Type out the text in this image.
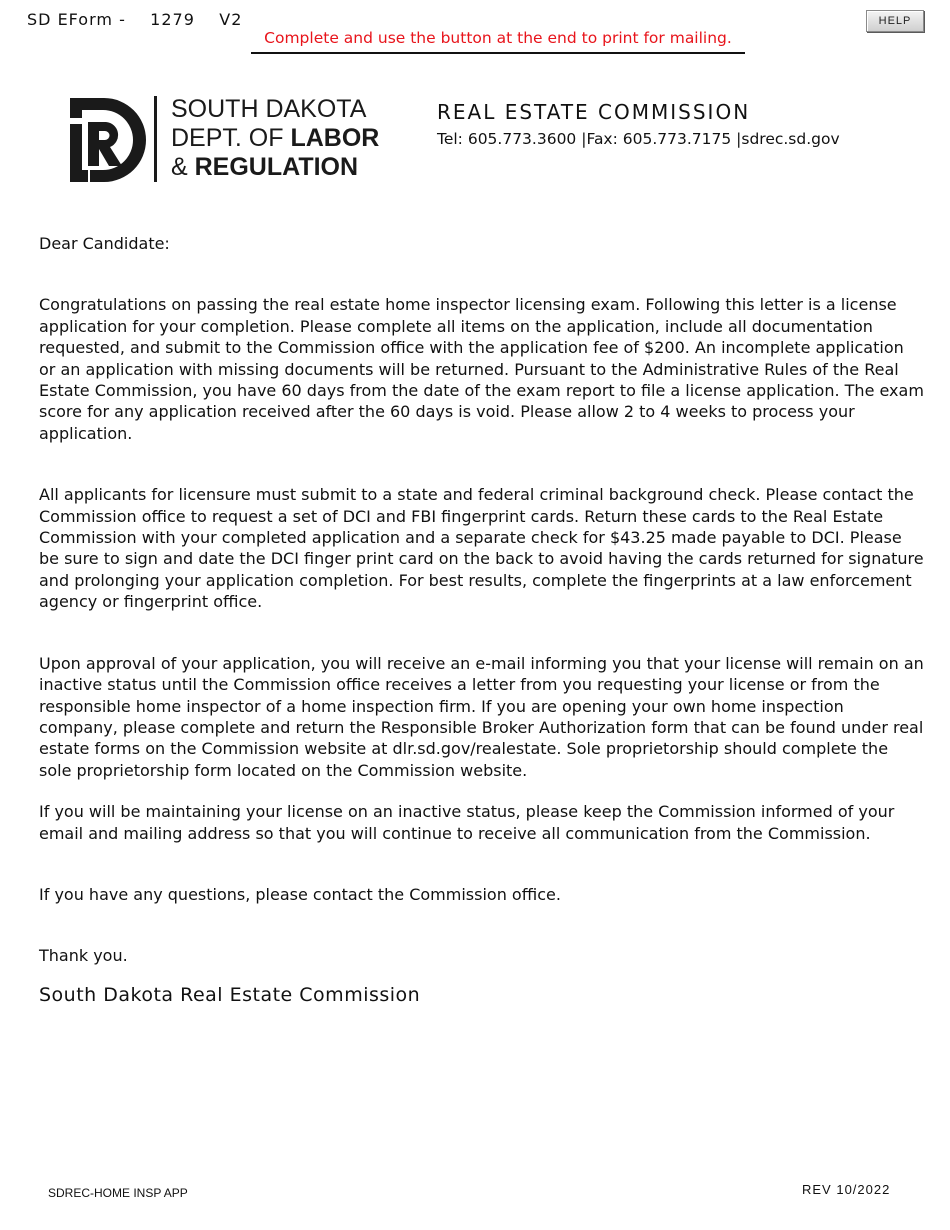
SD EForm -    1279    V2
Complete and use the button at the end to print for mailing.
HELP
SOUTH DAKOTA
DEPT. OF LABOR
& REGULATION
REAL ESTATE COMMISSION
Tel: 605.773.3600 |Fax: 605.773.7175 |sdrec.sd.gov

Dear Candidate:

Congratulations on passing the real estate home inspector licensing exam. Following this letter is a license application for your completion. Please complete all items on the application, include all documentation requested, and submit to the Commission office with the application fee of $200. An incomplete application or an application with missing documents will be returned. Pursuant to the Administrative Rules of the Real Estate Commission, you have 60 days from the date of the exam report to file a license application. The exam score for any application received after the 60 days is void. Please allow 2 to 4 weeks to process your application.

All applicants for licensure must submit to a state and federal criminal background check. Please contact the Commission office to request a set of DCI and FBI fingerprint cards. Return these cards to the Real Estate Commission with your completed application and a separate check for $43.25 made payable to DCI. Please be sure to sign and date the DCI finger print card on the back to avoid having the cards returned for signature and prolonging your application completion. For best results, complete the fingerprints at a law enforcement agency or fingerprint office.

Upon approval of your application, you will receive an e-mail informing you that your license will remain on an inactive status until the Commission office receives a letter from you requesting your license or from the responsible home inspector of a home inspection firm. If you are opening your own home inspection company, please complete and return the Responsible Broker Authorization form that can be found under real estate forms on the Commission website at dlr.sd.gov/realestate. Sole proprietorship should complete the sole proprietorship form located on the Commission website.

If you will be maintaining your license on an inactive status, please keep the Commission informed of your email and mailing address so that you will continue to receive all communication from the Commission.

If you have any questions, please contact the Commission office.

Thank you.

South Dakota Real Estate Commission

SDREC-HOME INSP APP	REV 10/2022
